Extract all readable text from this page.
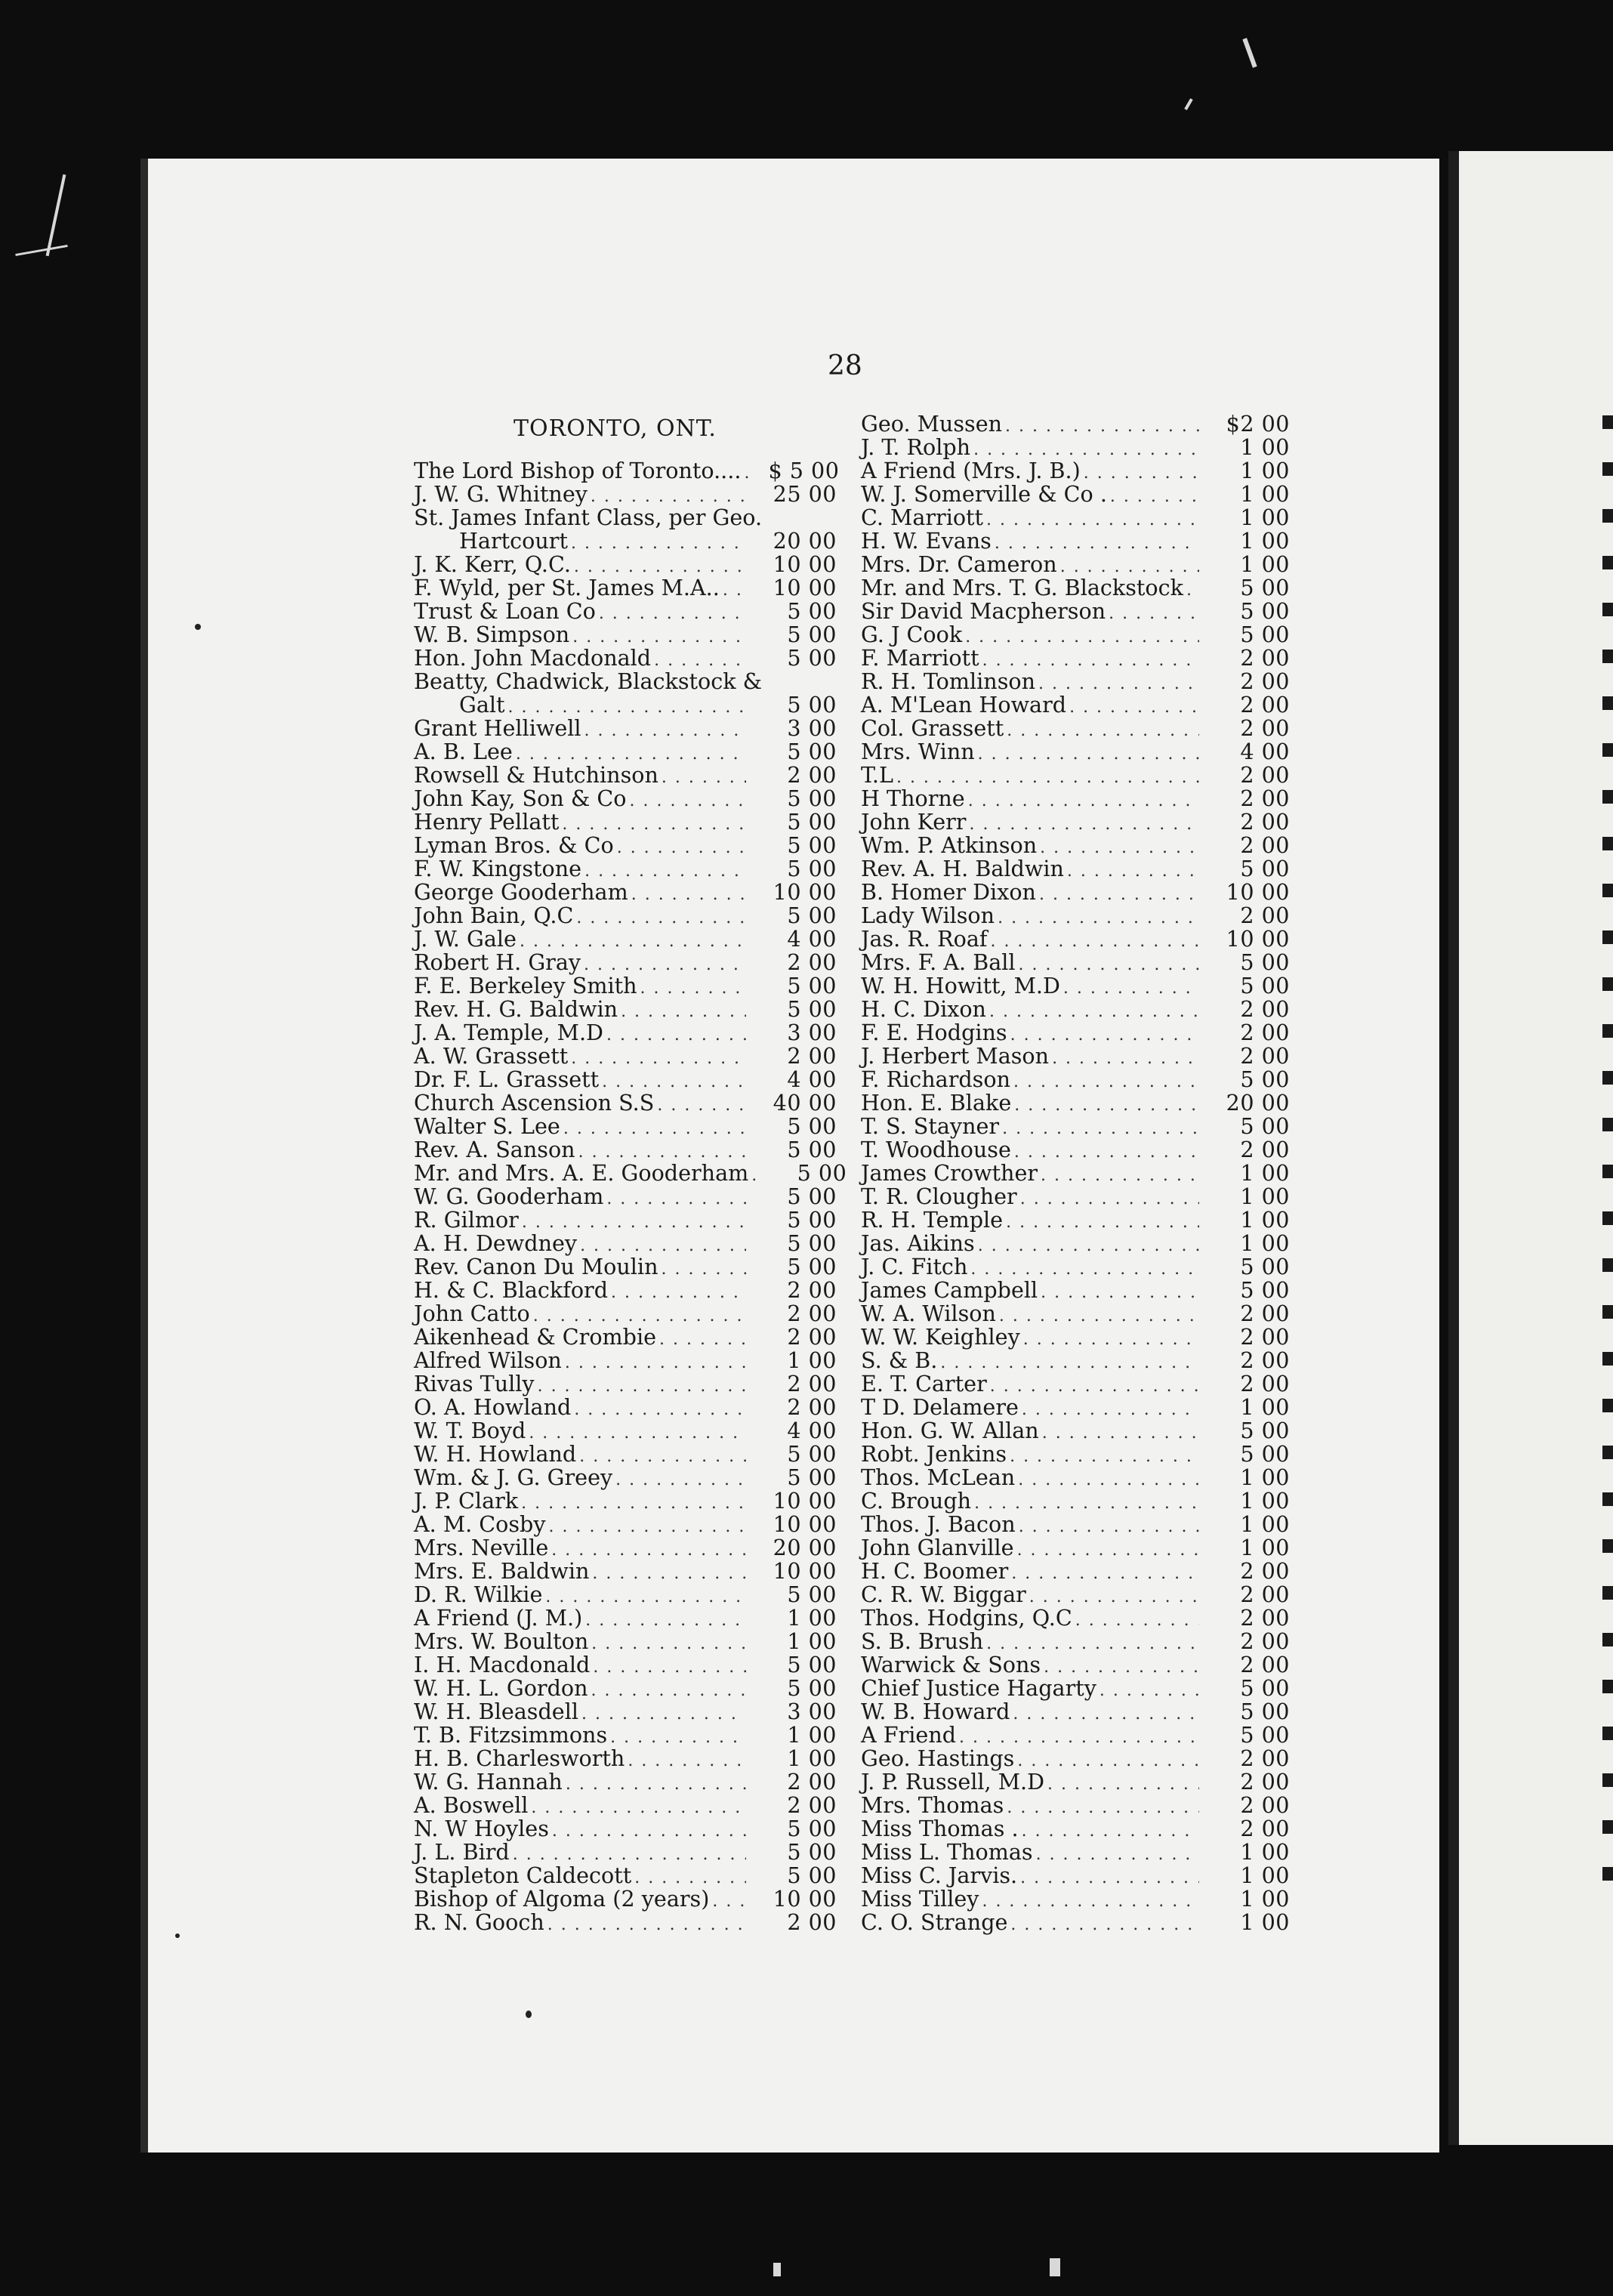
28
TORONTO, ONT.
The Lord Bishop of Toronto.... . . .	$ 5 00
J. W. G. Whitney . . .	25 00
St. James Infant Class, per Geo.
Hartcourt . . .	20 00
J. K. Kerr, Q.C. . . .	10 00
F. Wyld, per St. James M.A.. . . .	10 00
Trust & Loan Co . . .	5 00
W. B. Simpson . . .	5 00
Hon. John Macdonald . . .	5 00
Beatty, Chadwick, Blackstock &
Galt . . .	5 00
Grant Helliwell . . .	3 00
A. B. Lee . . .	5 00
Rowsell & Hutchinson . . .	2 00
John Kay, Son & Co . . .	5 00
Henry Pellatt . . .	5 00
Lyman Bros. & Co . . .	5 00
F. W. Kingstone . . .	5 00
George Gooderham . . .	10 00
John Bain, Q.C . . .	5 00
J. W. Gale . . .	4 00
Robert H. Gray . . .	2 00
F. E. Berkeley Smith . . .	5 00
Rev. H. G. Baldwin . . .	5 00
J. A. Temple, M.D . . .	3 00
A. W. Grassett . . .	2 00
Dr. F. L. Grassett . . .	4 00
Church Ascension S.S . . .	40 00
Walter S. Lee . . .	5 00
Rev. A. Sanson . . .	5 00
Mr. and Mrs. A. E. Gooderham . . .	5 00
W. G. Gooderham . . .	5 00
R. Gilmor . . .	5 00
A. H. Dewdney . . .	5 00
Rev. Canon Du Moulin . . .	5 00
H. & C. Blackford . . .	2 00
John Catto . . .	2 00
Aikenhead & Crombie . . .	2 00
Alfred Wilson . . .	1 00
Rivas Tully . . .	2 00
O. A. Howland . . .	2 00
W. T. Boyd . . .	4 00
W. H. Howland . . .	5 00
Wm. & J. G. Greey . . .	5 00
J. P. Clark . . .	10 00
A. M. Cosby . . .	10 00
Mrs. Neville . . .	20 00
Mrs. E. Baldwin . . .	10 00
D. R. Wilkie . . .	5 00
A Friend (J. M.) . . .	1 00
Mrs. W. Boulton . . .	1 00
I. H. Macdonald . . .	5 00
W. H. L. Gordon . . .	5 00
W. H. Bleasdell . . .	3 00
T. B. Fitzsimmons . . .	1 00
H. B. Charlesworth . . .	1 00
W. G. Hannah . . .	2 00
A. Boswell . . .	2 00
N. W Hoyles . . .	5 00
J. L. Bird . . .	5 00
Stapleton Caldecott . . .	5 00
Bishop of Algoma (2 years) . . .	10 00
R. N. Gooch . . .	2 00
Geo. Mussen . . .	$2 00
J. T. Rolph . . .	1 00
A Friend (Mrs. J. B.) . . .	1 00
W. J. Somerville & Co . . . .	1 00
C. Marriott . . .	1 00
H. W. Evans . . .	1 00
Mrs. Dr. Cameron . . .	1 00
Mr. and Mrs. T. G. Blackstock . . .	5 00
Sir David Macpherson . . .	5 00
G. J Cook . . .	5 00
F. Marriott . . .	2 00
R. H. Tomlinson . . .	2 00
A. M'Lean Howard . . .	2 00
Col. Grassett . . .	2 00
Mrs. Winn . . .	4 00
T.L . . .	2 00
H Thorne . . .	2 00
John Kerr . . .	2 00
Wm. P. Atkinson . . .	2 00
Rev. A. H. Baldwin . . .	5 00
B. Homer Dixon . . .	10 00
Lady Wilson . . .	2 00
Jas. R. Roaf . . .	10 00
Mrs. F. A. Ball . . .	5 00
W. H. Howitt, M.D . . .	5 00
H. C. Dixon . . .	2 00
F. E. Hodgins . . .	2 00
J. Herbert Mason . . .	2 00
F. Richardson . . .	5 00
Hon. E. Blake . . .	20 00
T. S. Stayner . . .	5 00
T. Woodhouse . . .	2 00
James Crowther . . .	1 00
T. R. Clougher . . .	1 00
R. H. Temple . . .	1 00
Jas. Aikins . . .	1 00
J. C. Fitch . . .	5 00
James Campbell . . .	5 00
W. A. Wilson . . .	2 00
W. W. Keighley . . .	2 00
S. & B. . . .	2 00
E. T. Carter . . .	2 00
T D. Delamere . . .	1 00
Hon. G. W. Allan . . .	5 00
Robt. Jenkins . . .	5 00
Thos. McLean . . .	1 00
C. Brough . . .	1 00
Thos. J. Bacon . . .	1 00
John Glanville . . .	1 00
H. C. Boomer . . .	2 00
C. R. W. Biggar . . .	2 00
Thos. Hodgins, Q.C . . .	2 00
S. B. Brush . . .	2 00
Warwick & Sons . . .	2 00
Chief Justice Hagarty . . .	5 00
W. B. Howard . . .	5 00
A Friend . . .	5 00
Geo. Hastings . . .	2 00
J. P. Russell, M.D . . .	2 00
Mrs. Thomas . . .	2 00
Miss Thomas . . . .	2 00
Miss L. Thomas . . .	1 00
Miss C. Jarvis. . . .	1 00
Miss Tilley . . .	1 00
C. O. Strange . . .	1 00
